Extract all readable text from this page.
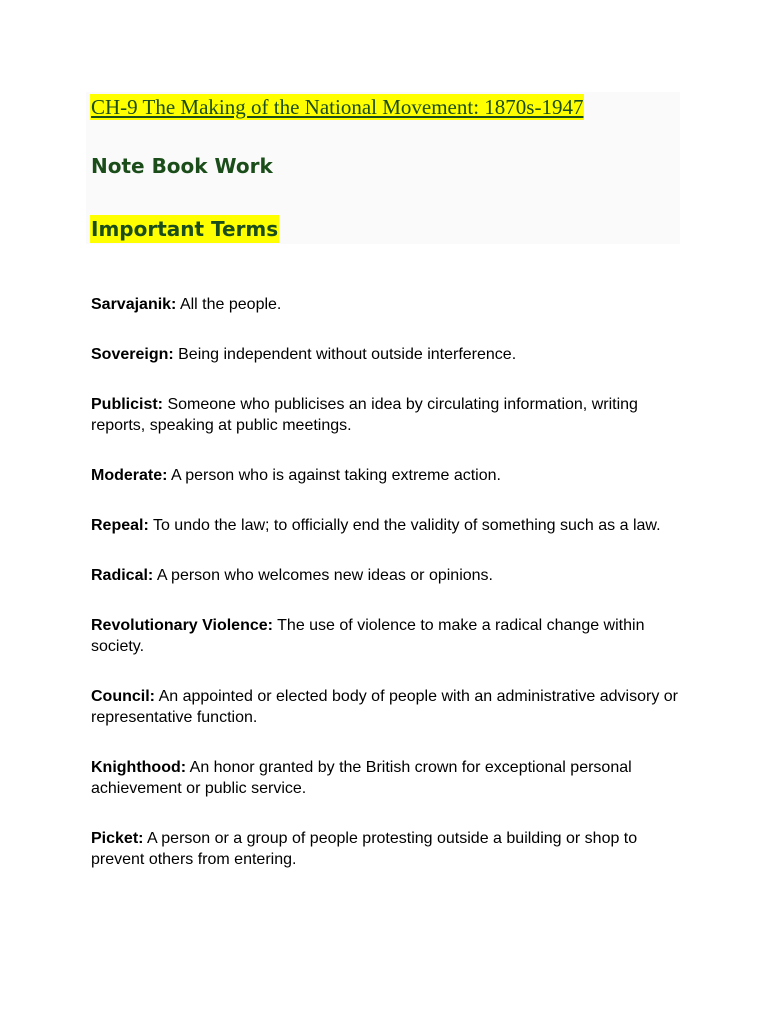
CH-9 The Making of the National Movement: 1870s-1947
Note Book Work
Important Terms

Sarvajanik: All the people.

Sovereign: Being independent without outside interference.

Publicist: Someone who publicises an idea by circulating information, writing reports, speaking at public meetings.

Moderate: A person who is against taking extreme action.

Repeal: To undo the law; to officially end the validity of something such as a law.

Radical: A person who welcomes new ideas or opinions.

Revolutionary Violence: The use of violence to make a radical change within society.

Council: An appointed or elected body of people with an administrative advisory or representative function.

Knighthood: An honor granted by the British crown for exceptional personal achievement or public service.

Picket: A person or a group of people protesting outside a building or shop to prevent others from entering.
